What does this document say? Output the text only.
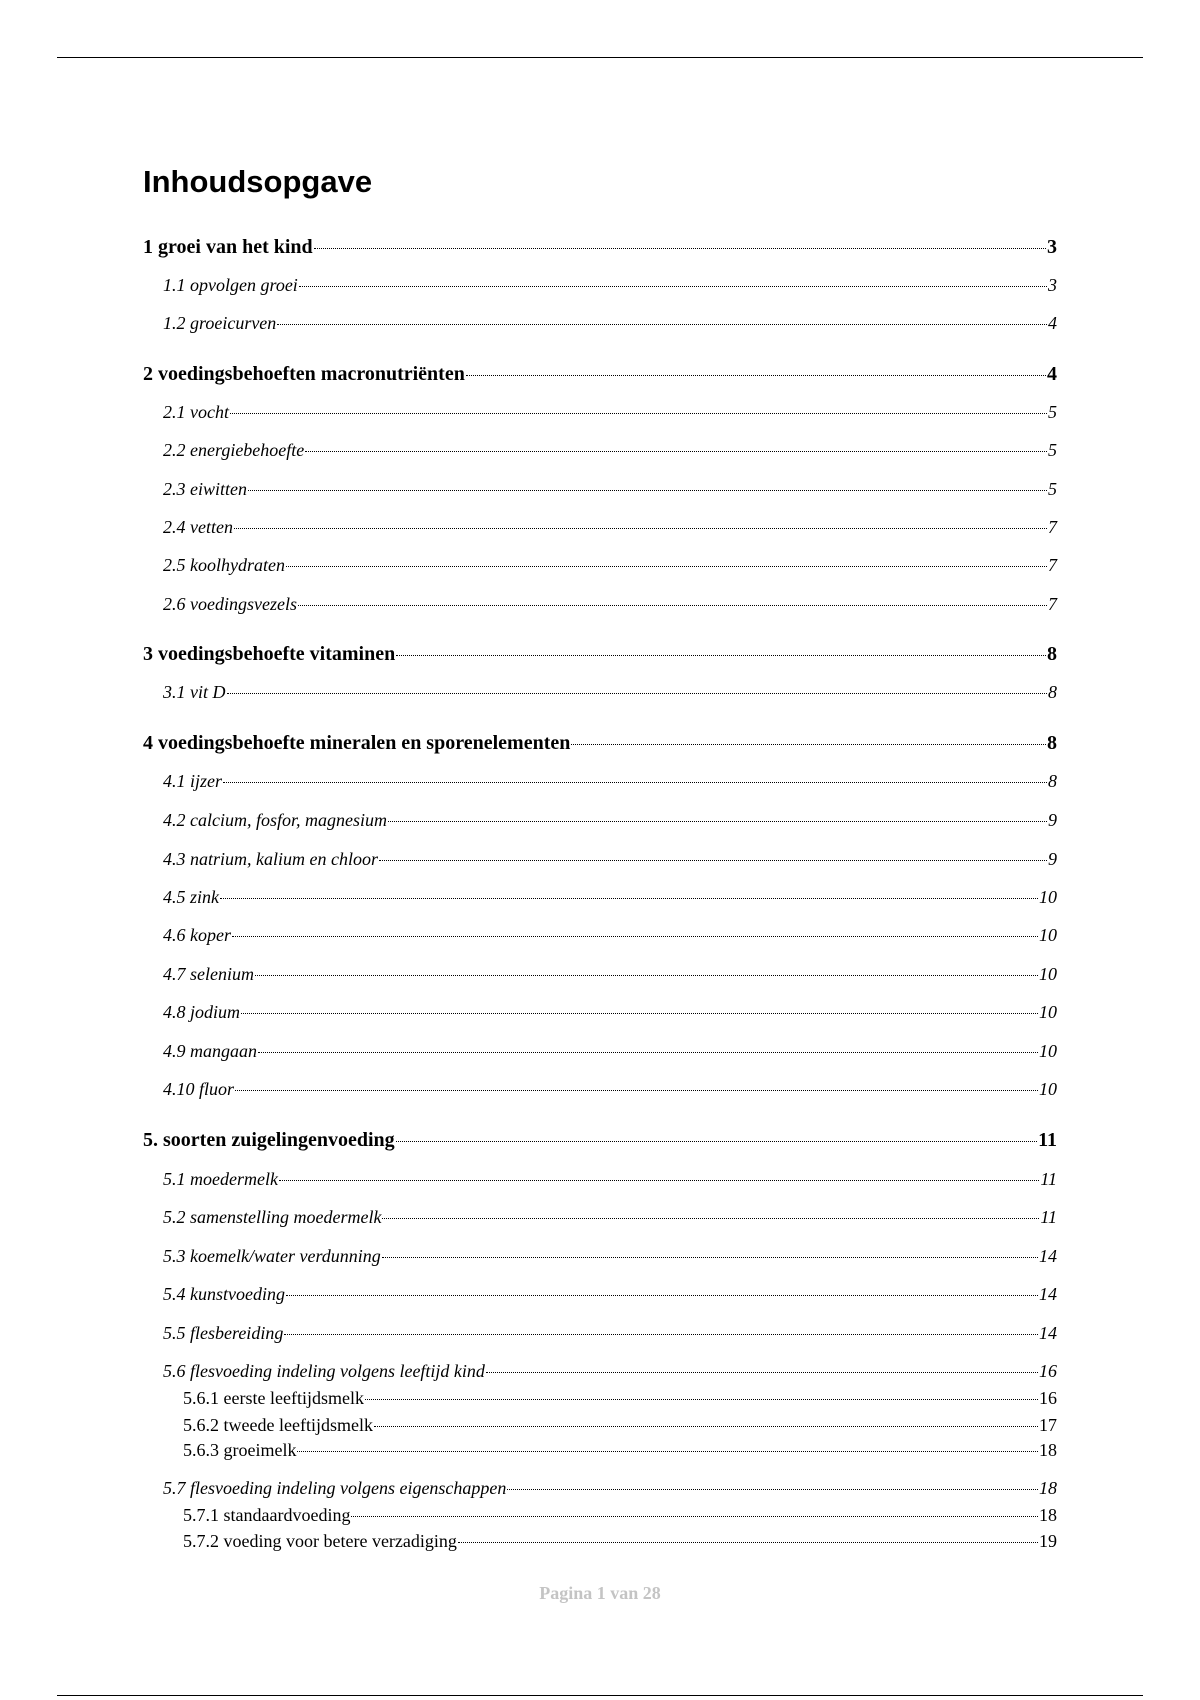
Inhoudsopgave
1 groei van het kind	3
1.1 opvolgen groei	3
1.2 groeicurven	4
2 voedingsbehoeften macronutriënten	4
2.1 vocht	5
2.2 energiebehoefte	5
2.3 eiwitten	5
2.4 vetten	7
2.5 koolhydraten	7
2.6 voedingsvezels	7
3 voedingsbehoefte vitaminen	8
3.1 vit D	8
4 voedingsbehoefte mineralen en sporenelementen	8
4.1 ijzer	8
4.2 calcium, fosfor, magnesium	9
4.3 natrium, kalium en chloor	9
4.5 zink	10
4.6 koper	10
4.7 selenium	10
4.8 jodium	10
4.9 mangaan	10
4.10 fluor	10
5. soorten zuigelingenvoeding	11
5.1 moedermelk	11
5.2 samenstelling moedermelk	11
5.3 koemelk/water verdunning	14
5.4 kunstvoeding	14
5.5 flesbereiding	14
5.6 flesvoeding indeling volgens leeftijd kind	16
5.6.1 eerste leeftijdsmelk	16
5.6.2 tweede leeftijdsmelk	17
5.6.3 groeimelk	18
5.7 flesvoeding indeling volgens eigenschappen	18
5.7.1 standaardvoeding	18
5.7.2 voeding voor betere verzadiging	19
Pagina 1 van 28
